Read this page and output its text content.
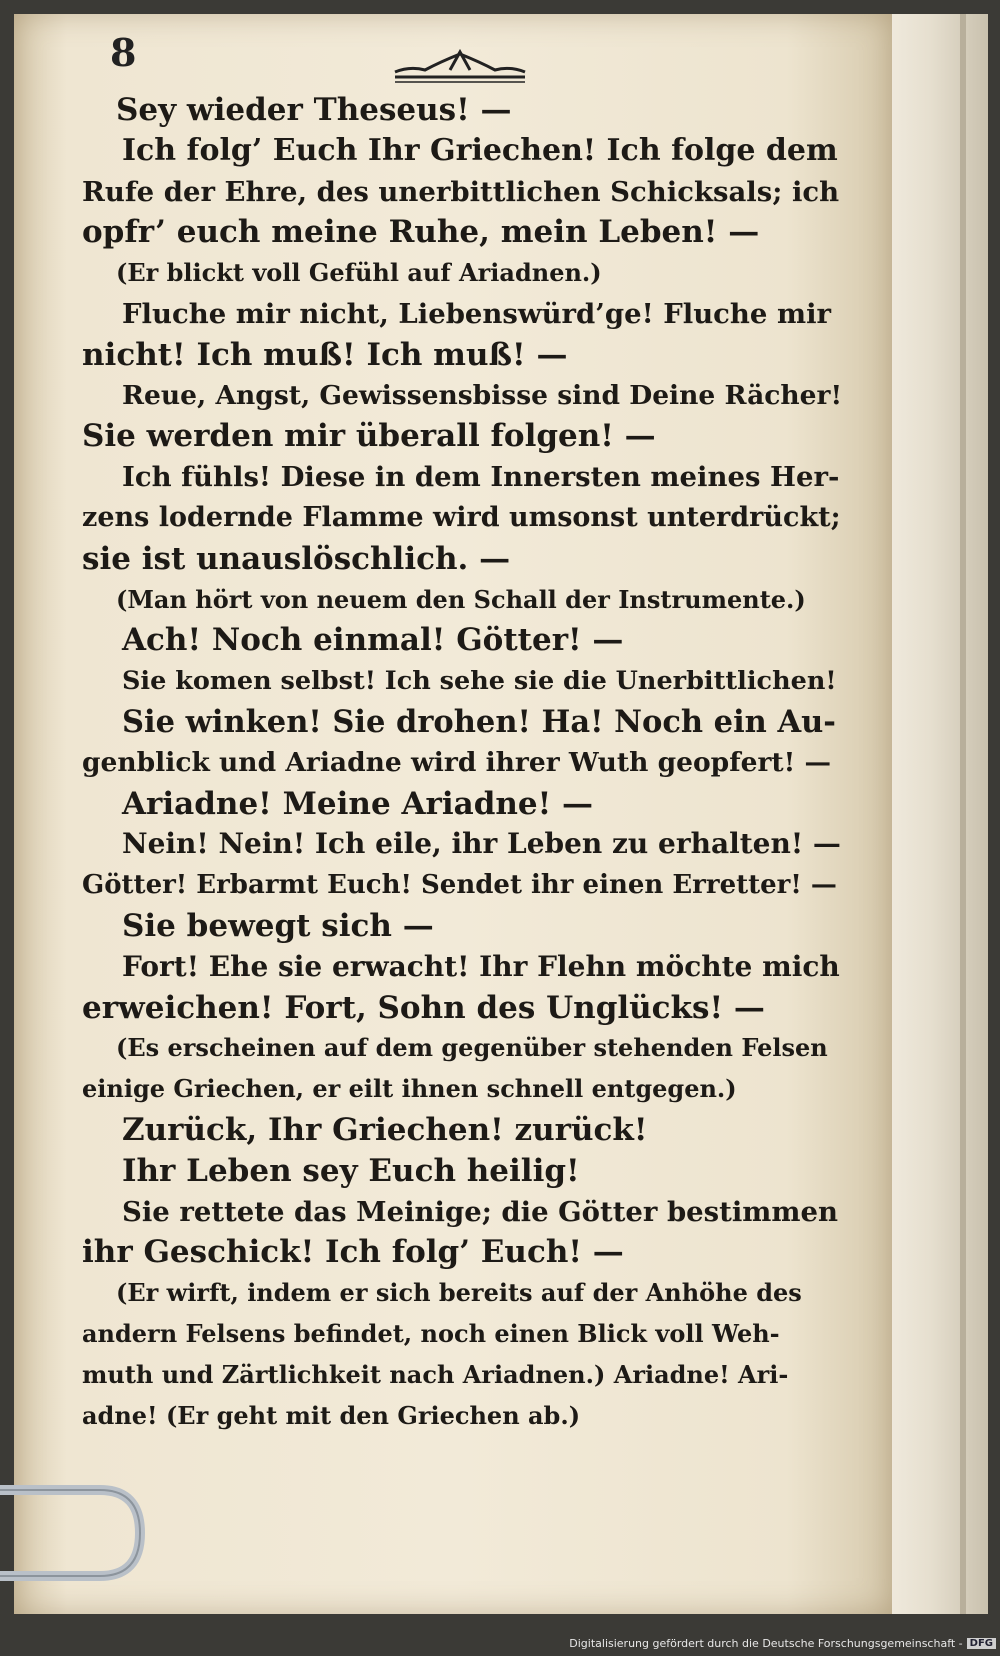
8
Sey wieder Theseus! —
Ich folg’ Euch Ihr Griechen! Ich folge dem
Rufe der Ehre, des unerbittlichen Schicksals; ich
opfr’ euch meine Ruhe, mein Leben! —
(Er blickt voll Gefühl auf Ariadnen.)
Fluche mir nicht, Liebenswürd’ge! Fluche mir
nicht! Ich muß! Ich muß! —
Reue, Angst, Gewissensbisse sind Deine Rächer!
Sie werden mir überall folgen! —
Ich fühls! Diese in dem Innersten meines Her-
zens lodernde Flamme wird umsonst unterdrückt;
sie ist unauslöschlich. —
(Man hört von neuem den Schall der Instrumente.)
Ach! Noch einmal! Götter! —
Sie komen selbst! Ich sehe sie die Unerbittlichen!
Sie winken! Sie drohen! Ha! Noch ein Au-
genblick und Ariadne wird ihrer Wuth geopfert! —
Ariadne! Meine Ariadne! —
Nein! Nein! Ich eile, ihr Leben zu erhalten! —
Götter! Erbarmt Euch! Sendet ihr einen Erretter! —
Sie bewegt sich —
Fort! Ehe sie erwacht! Ihr Flehn möchte mich
erweichen! Fort, Sohn des Unglücks! —
(Es erscheinen auf dem gegenüber stehenden Felsen
einige Griechen, er eilt ihnen schnell entgegen.)
Zurück, Ihr Griechen! zurück!
Ihr Leben sey Euch heilig!
Sie rettete das Meinige; die Götter bestimmen
ihr Geschick! Ich folg’ Euch! —
(Er wirft, indem er sich bereits auf der Anhöhe des
andern Felsens befindet, noch einen Blick voll Weh-
muth und Zärtlichkeit nach Ariadnen.) Ariadne! Ari-
adne! (Er geht mit den Griechen ab.)
Digitalisierung gefördert durch die Deutsche Forschungsgemeinschaft - DFG
